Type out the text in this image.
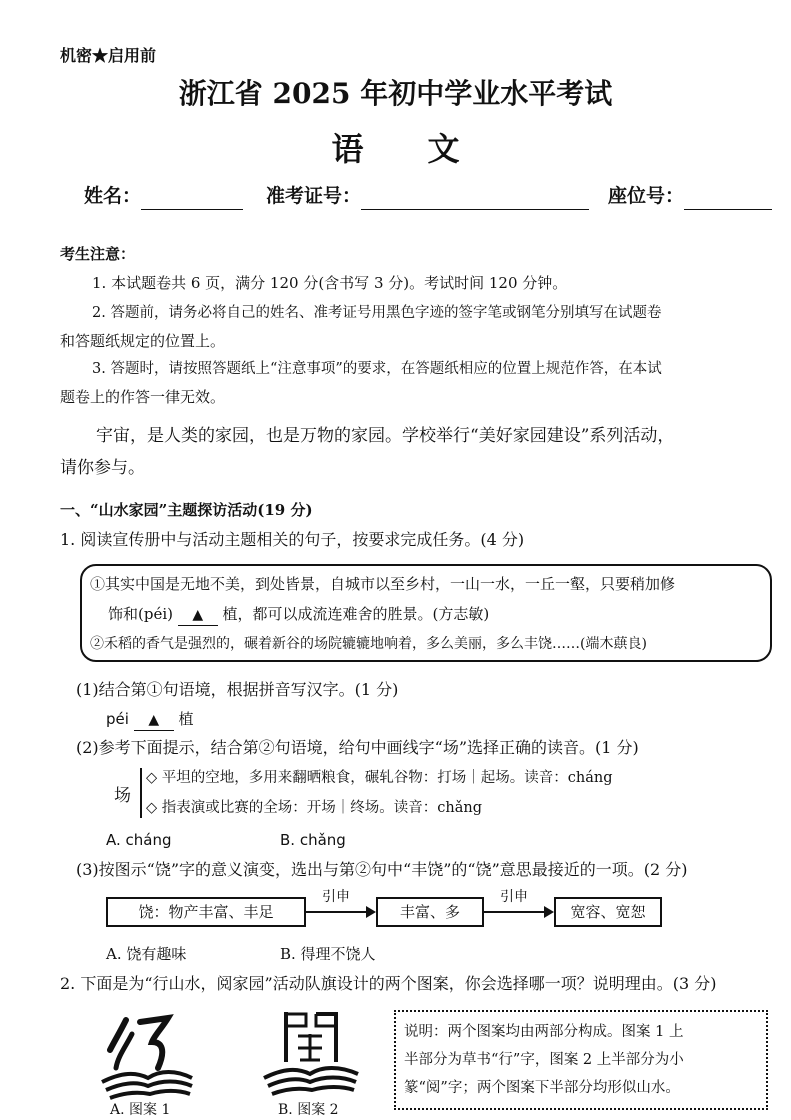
机密★启用前
浙江省 2025 年初中学业水平考试
语　　文
姓名：	准考证号：	座位号：
考生注意：
1. 本试题卷共 6 页，满分 120 分(含书写 3 分)。考试时间 120 分钟。
2. 答题前，请务必将自己的姓名、准考证号用黑色字迹的签字笔或钢笔分别填写在试题卷
和答题纸规定的位置上。
3. 答题时，请按照答题纸上“注意事项”的要求，在答题纸相应的位置上规范作答，在本试
题卷上的作答一律无效。
宇宙，是人类的家园，也是万物的家园。学校举行“美好家园建设”系列活动，
请你参与。
一、“山水家园”主题探访活动(19 分)
1. 阅读宣传册中与活动主题相关的句子，按要求完成任务。(4 分)
①其实中国是无地不美，到处皆景，自城市以至乡村，一山一水，一丘一壑，只要稍加修
饰和(péi) ▲ 植，都可以成流连难舍的胜景。(方志敏)
②禾稻的香气是强烈的，碾着新谷的场院辘辘地响着，多么美丽，多么丰饶……(端木蕻良)
(1)结合第①句语境，根据拼音写汉字。(1 分)
péi ▲ 植
(2)参考下面提示，结合第②句语境，给句中画线字“场”选择正确的读音。(1 分)
场
◇ 平坦的空地，多用来翻晒粮食，碾轧谷物：打场｜起场。读音：cháng
◇ 指表演或比赛的全场：开场｜终场。读音：chǎng
A. cháng	B. chǎng
(3)按图示“饶”字的意义演变，选出与第②句中“丰饶”的“饶”意思最接近的一项。(2 分)
饶：物产丰富、丰足
引申
丰富、多
引申
宽容、宽恕
A. 饶有趣味	B. 得理不饶人
2. 下面是为“行山水，阅家园”活动队旗设计的两个图案，你会选择哪一项？说明理由。(3 分)
A. 图案 1	B. 图案 2
说明：两个图案均由两部分构成。图案 1 上
半部分为草书“行”字，图案 2 上半部分为小
篆“阅”字；两个图案下半部分均形似山水。
